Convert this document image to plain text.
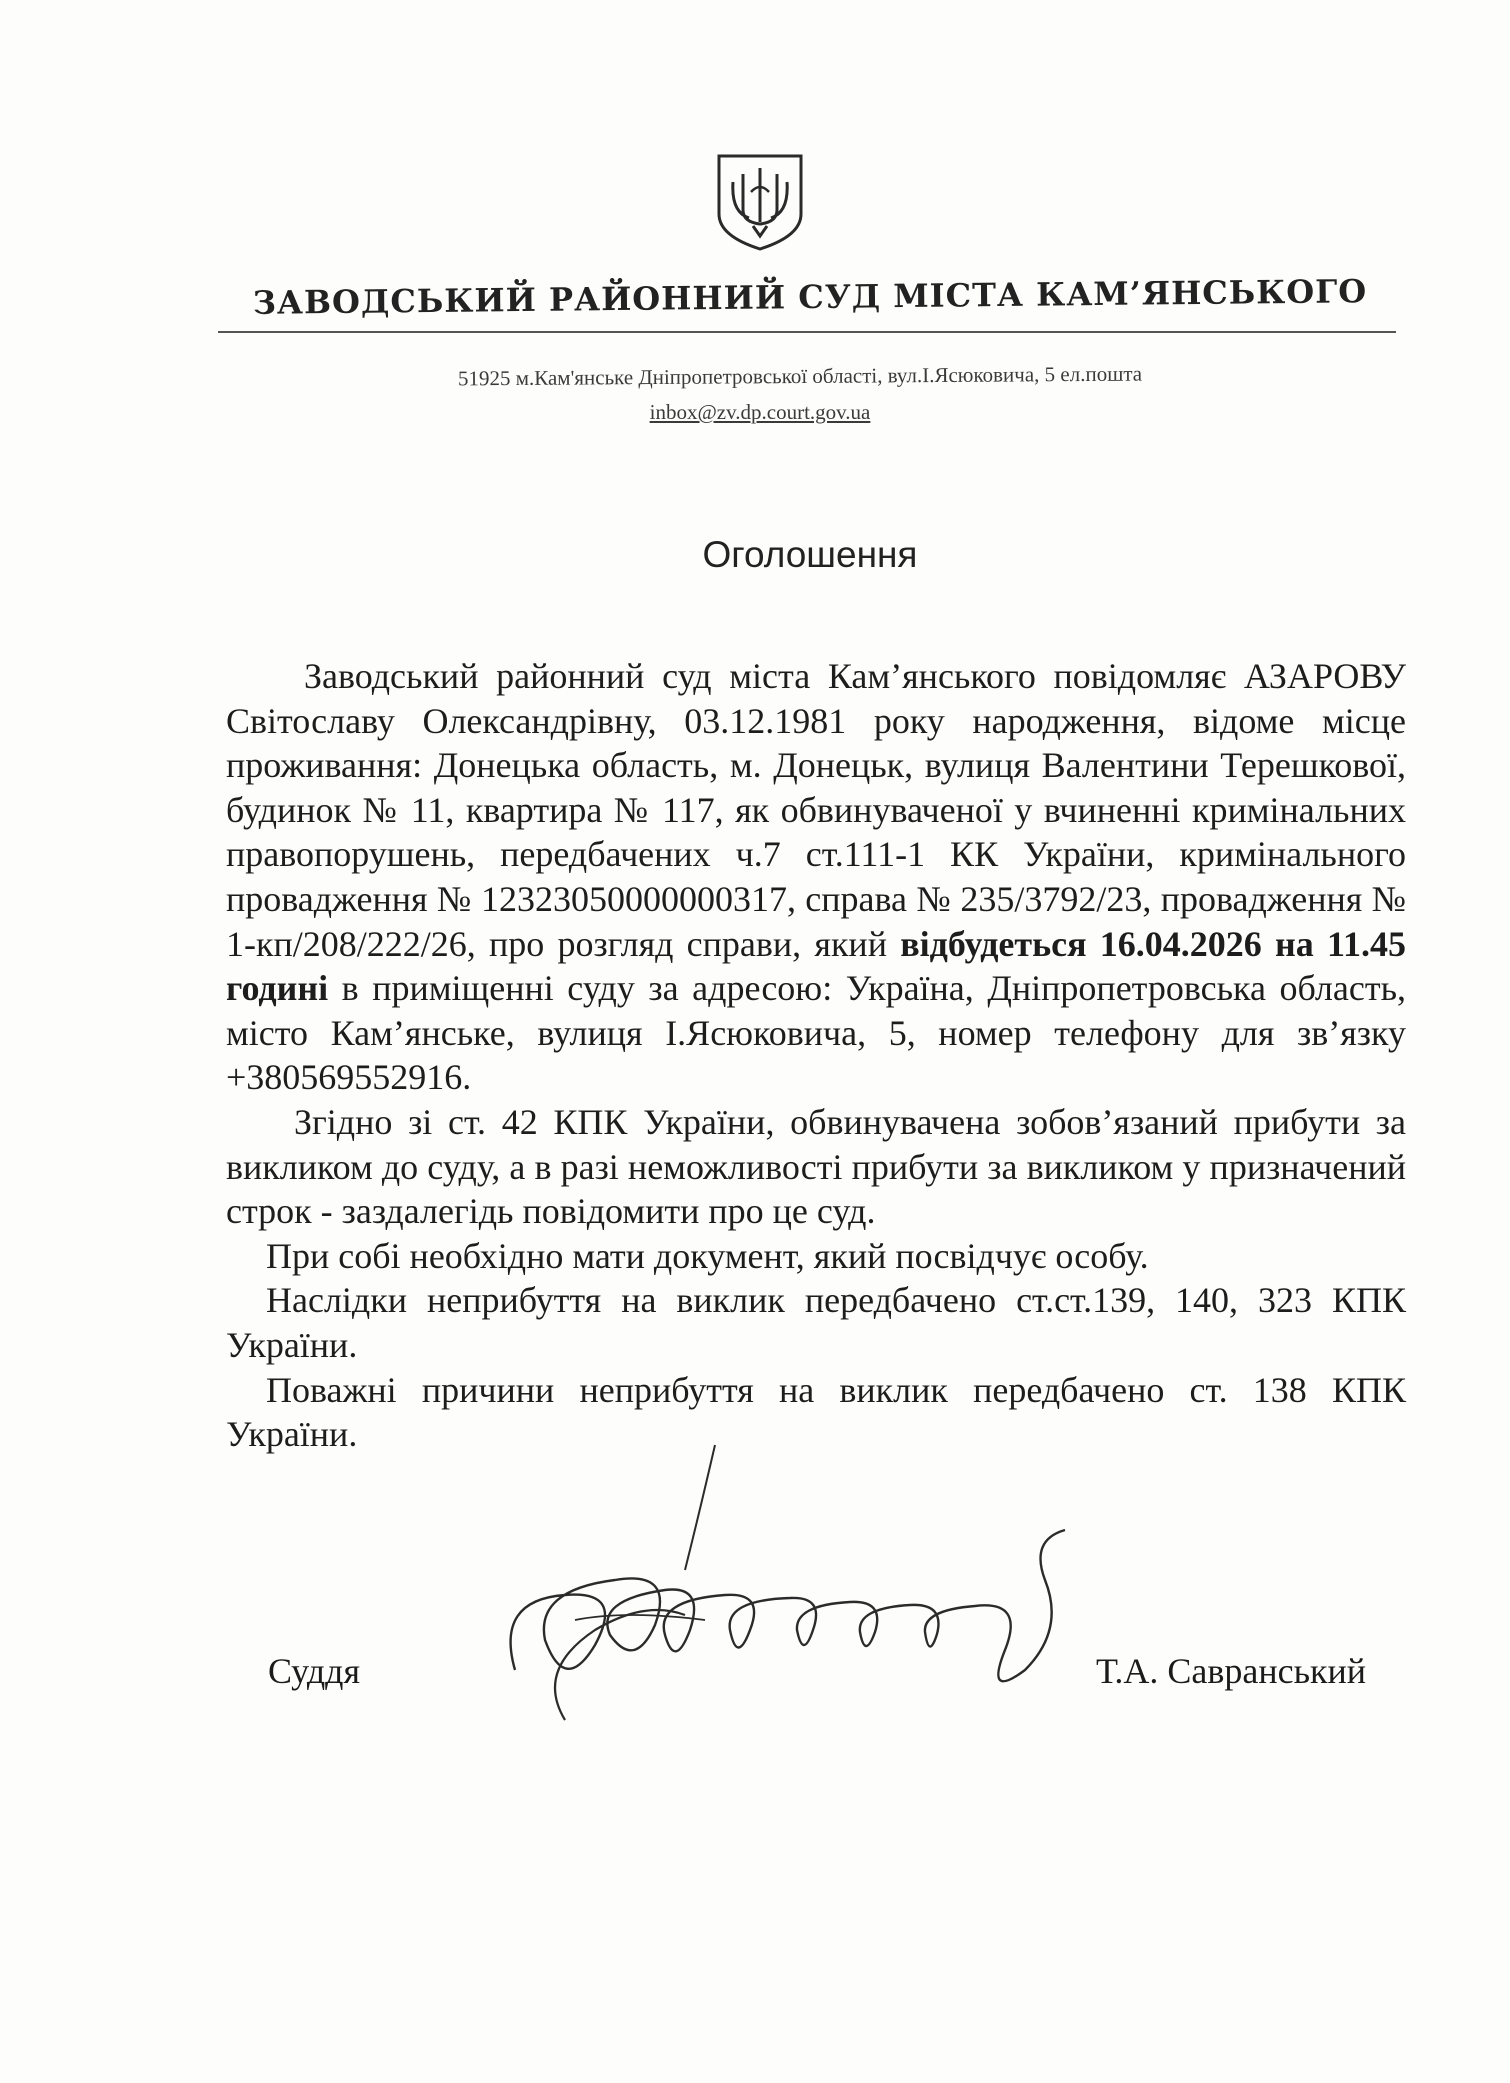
ЗАВОДСЬКИЙ РАЙОННИЙ СУД МІСТА КАМ’ЯНСЬКОГО
51925 м.Кам'янське Дніпропетровської області, вул.І.Ясюковича, 5 ел.пошта
inbox@zv.dp.court.gov.ua
Оголошення

Заводський районний суд міста Кам’янського повідомляє АЗАРОВУ Світославу Олександрівну, 03.12.1981 року народження, відоме місце проживання: Донецька область, м. Донецьк, вулиця Валентини Терешкової, будинок № 11, квартира № 117, як обвинуваченої у вчиненні кримінальних правопорушень, передбачених ч.7 ст.111-1 КК України, кримінального провадження № 12323050000000317, справа № 235/3792/23, провадження № 1-кп/208/222/26, про розгляд справи, який відбудеться 16.04.2026 на 11.45 годині в приміщенні суду за адресою: Україна, Дніпропетровська область, місто Кам’янське, вулиця І.Ясюковича, 5, номер телефону для зв’язку +380569552916.

Згідно зі ст. 42 КПК України, обвинувачена зобов’язаний прибути за викликом до суду, а в разі неможливості прибути за викликом у призначений строк - заздалегідь повідомити про це суд.

При собі необхідно мати документ, який посвідчує особу.

Наслідки неприбуття на виклик передбачено ст.ст.139, 140, 323 КПК України.

Поважні причини неприбуття на виклик передбачено ст. 138 КПК України.

Суддя	Т.А. Савранський
